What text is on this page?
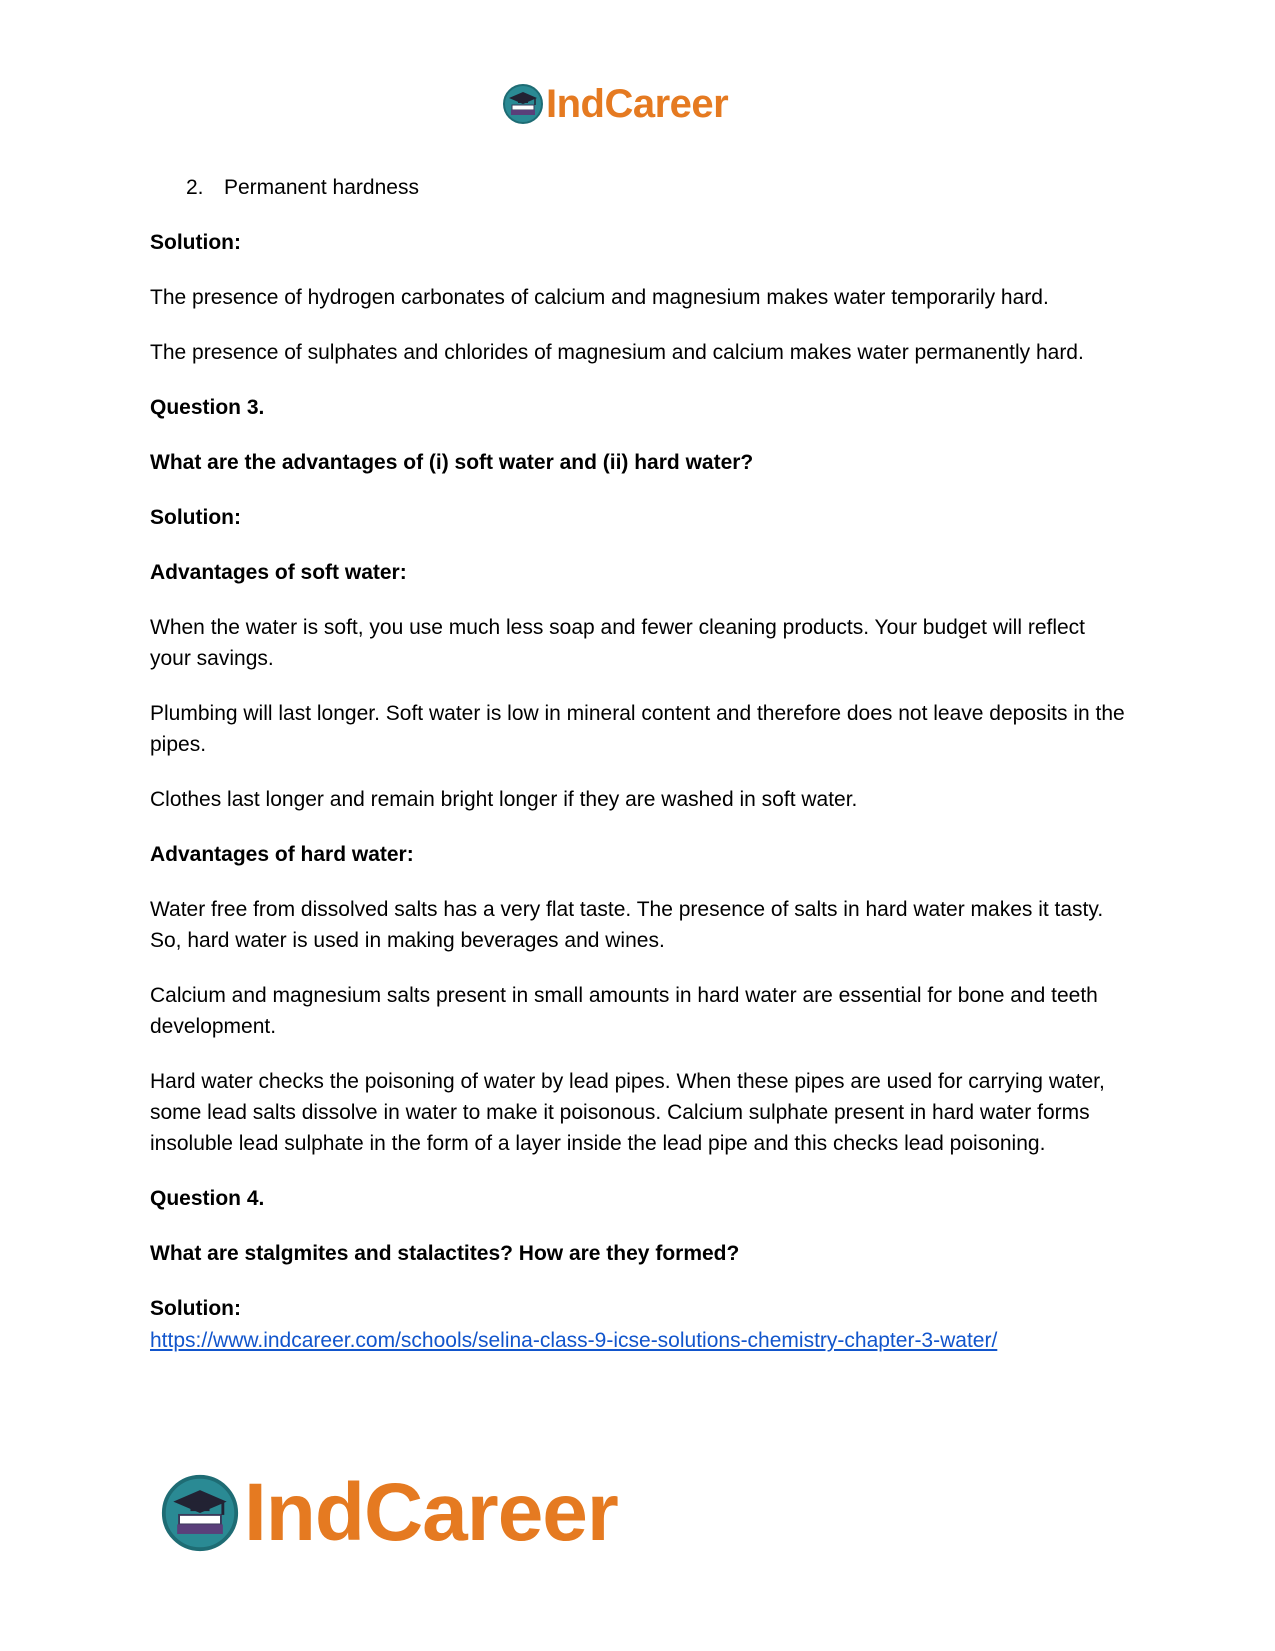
IndCareer
2. Permanent hardness

Solution:

The presence of hydrogen carbonates of calcium and magnesium makes water temporarily hard.

The presence of sulphates and chlorides of magnesium and calcium makes water permanently hard.

Question 3.

What are the advantages of (i) soft water and (ii) hard water?

Solution:

Advantages of soft water:

When the water is soft, you use much less soap and fewer cleaning products. Your budget will reflect your savings.

Plumbing will last longer. Soft water is low in mineral content and therefore does not leave deposits in the pipes.

Clothes last longer and remain bright longer if they are washed in soft water.

Advantages of hard water:

Water free from dissolved salts has a very flat taste. The presence of salts in hard water makes it tasty. So, hard water is used in making beverages and wines.

Calcium and magnesium salts present in small amounts in hard water are essential for bone and teeth development.

Hard water checks the poisoning of water by lead pipes. When these pipes are used for carrying water, some lead salts dissolve in water to make it poisonous. Calcium sulphate present in hard water forms insoluble lead sulphate in the form of a layer inside the lead pipe and this checks lead poisoning.

Question 4.

What are stalgmites and stalactites? How are they formed?

Solution:

https://www.indcareer.com/schools/selina-class-9-icse-solutions-chemistry-chapter-3-water/
IndCareer
